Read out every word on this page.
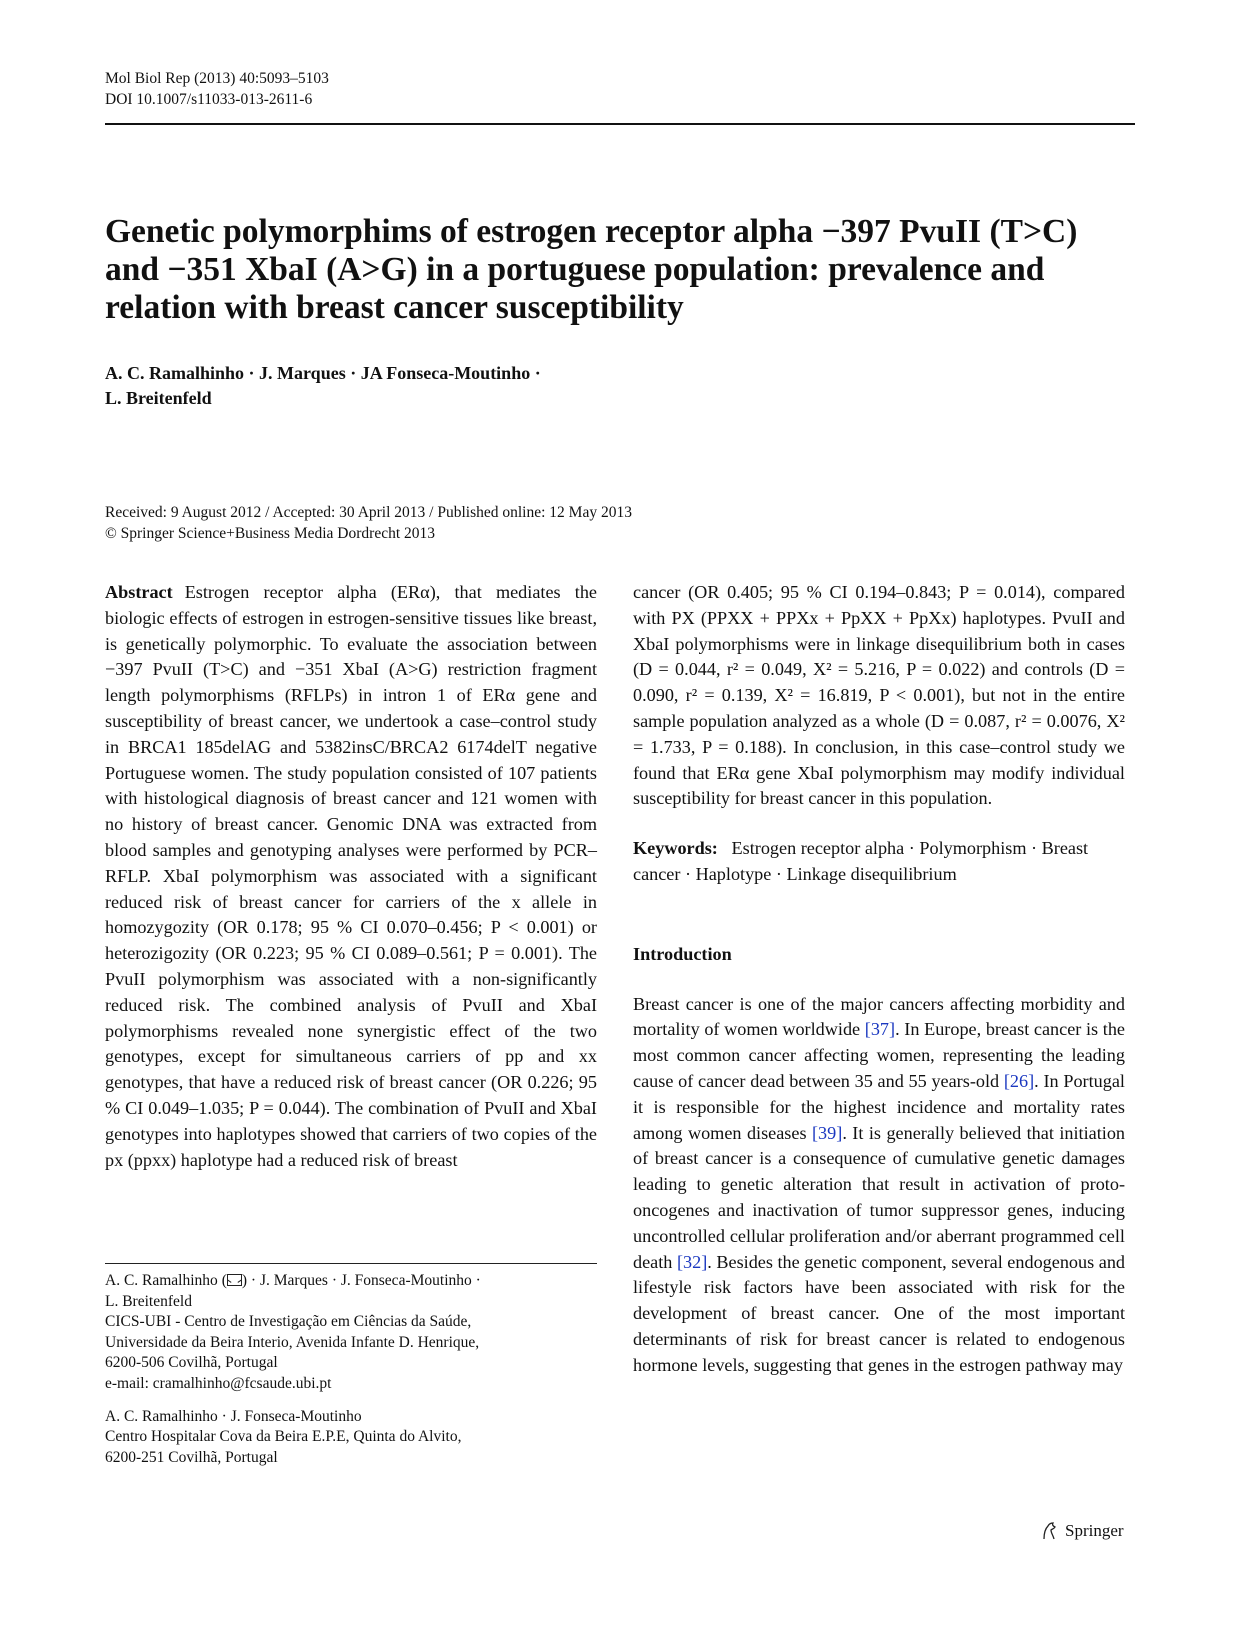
Mol Biol Rep (2013) 40:5093–5103
DOI 10.1007/s11033-013-2611-6
Genetic polymorphims of estrogen receptor alpha −397 PvuII (T>C) and −351 XbaI (A>G) in a portuguese population: prevalence and relation with breast cancer susceptibility
A. C. Ramalhinho · J. Marques · JA Fonseca-Moutinho ·
L. Breitenfeld
Received: 9 August 2012 / Accepted: 30 April 2013 / Published online: 12 May 2013
© Springer Science+Business Media Dordrecht 2013

Abstract Estrogen receptor alpha (ERα), that mediates the biologic effects of estrogen in estrogen-sensitive tissues like breast, is genetically polymorphic. To evaluate the association between −397 PvuII (T>C) and −351 XbaI (A>G) restriction fragment length polymorphisms (RFLPs) in intron 1 of ERα gene and susceptibility of breast cancer, we undertook a case–control study in BRCA1 185delAG and 5382insC/BRCA2 6174delT negative Portuguese women. The study population consisted of 107 patients with histological diagnosis of breast cancer and 121 women with no history of breast cancer. Genomic DNA was extracted from blood samples and genotyping analyses were performed by PCR–RFLP. XbaI polymorphism was associated with a significant reduced risk of breast cancer for carriers of the x allele in homozygozity (OR 0.178; 95 % CI 0.070–0.456; P < 0.001) or heterozigozity (OR 0.223; 95 % CI 0.089–0.561; P = 0.001). The PvuII polymorphism was associated with a non-significantly reduced risk. The combined analysis of PvuII and XbaI polymorphisms revealed none synergistic effect of the two genotypes, except for simultaneous carriers of pp and xx genotypes, that have a reduced risk of breast cancer (OR 0.226; 95 % CI 0.049–1.035; P = 0.044). The combination of PvuII and XbaI genotypes into haplotypes showed that carriers of two copies of the px (ppxx) haplotype had a reduced risk of breast

A. C. Ramalhinho ( ) · J. Marques · J. Fonseca-Moutinho ·

L. Breitenfeld

CICS-UBI - Centro de Investigação em Ciências da Saúde,

Universidade da Beira Interio, Avenida Infante D. Henrique,

6200-506 Covilhã, Portugal

e-mail: cramalhinho@fcsaude.ubi.pt

A. C. Ramalhinho · J. Fonseca-Moutinho

Centro Hospitalar Cova da Beira E.P.E, Quinta do Alvito,

6200-251 Covilhã, Portugal

cancer (OR 0.405; 95 % CI 0.194–0.843; P = 0.014), compared with PX (PPXX + PPXx + PpXX + PpXx) haplotypes. PvuII and XbaI polymorphisms were in linkage disequilibrium both in cases (D = 0.044, r² = 0.049, X² = 5.216, P = 0.022) and controls (D = 0.090, r² = 0.139, X² = 16.819, P < 0.001), but not in the entire sample population analyzed as a whole (D = 0.087, r² = 0.0076, X² = 1.733, P = 0.188). In conclusion, in this case–control study we found that ERα gene XbaI polymorphism may modify individual susceptibility for breast cancer in this population.

Keywords: Estrogen receptor alpha · Polymorphism · Breast cancer · Haplotype · Linkage disequilibrium

Introduction

Breast cancer is one of the major cancers affecting morbidity and mortality of women worldwide [37]. In Europe, breast cancer is the most common cancer affecting women, representing the leading cause of cancer dead between 35 and 55 years-old [26]. In Portugal it is responsible for the highest incidence and mortality rates among women diseases [39]. It is generally believed that initiation of breast cancer is a consequence of cumulative genetic damages leading to genetic alteration that result in activation of proto-oncogenes and inactivation of tumor suppressor genes, inducing uncontrolled cellular proliferation and/or aberrant programmed cell death [32]. Besides the genetic component, several endogenous and lifestyle risk factors have been associated with risk for the development of breast cancer. One of the most important determinants of risk for breast cancer is related to endogenous hormone levels, suggesting that genes in the estrogen pathway may

Springer
